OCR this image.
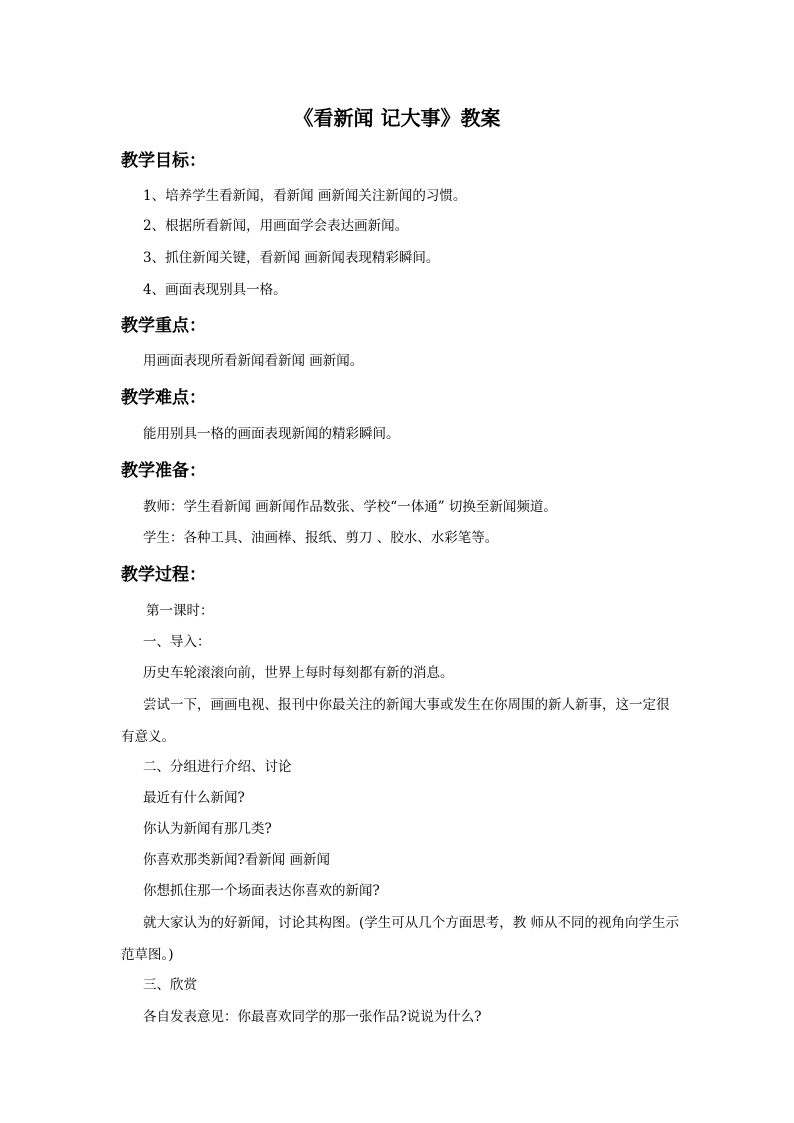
《看新闻 记大事》教案
教学目标：
1、培养学生看新闻，看新闻 画新闻关注新闻的习惯。
2、根据所看新闻，用画面学会表达画新闻。
3、抓住新闻关键，看新闻 画新闻表现精彩瞬间。
4、画面表现别具一格。
教学重点：
用画面表现所看新闻看新闻 画新闻。
教学难点：
能用别具一格的画面表现新闻的精彩瞬间。
教学准备：
教师：学生看新闻 画新闻作品数张、学校“一体通” 切换至新闻频道。
学生：各种工具、油画棒、报纸、剪刀 、胶水、水彩笔等。
教学过程：
第一课时：
一、导入：
历史车轮滚滚向前，世界上每时每刻都有新的消息。
尝试一下，画画电视、报刊中你最关注的新闻大事或发生在你周围的新人新事，这一定很有意义。
二、分组进行介绍、讨论
最近有什么新闻?
你认为新闻有那几类?
你喜欢那类新闻?看新闻 画新闻
你想抓住那一个场面表达你喜欢的新闻?
就大家认为的好新闻，讨论其构图。(学生可从几个方面思考，教 师从不同的视角向学生示范草图。)
三、欣赏
各自发表意见：你最喜欢同学的那一张作品?说说为什么?
